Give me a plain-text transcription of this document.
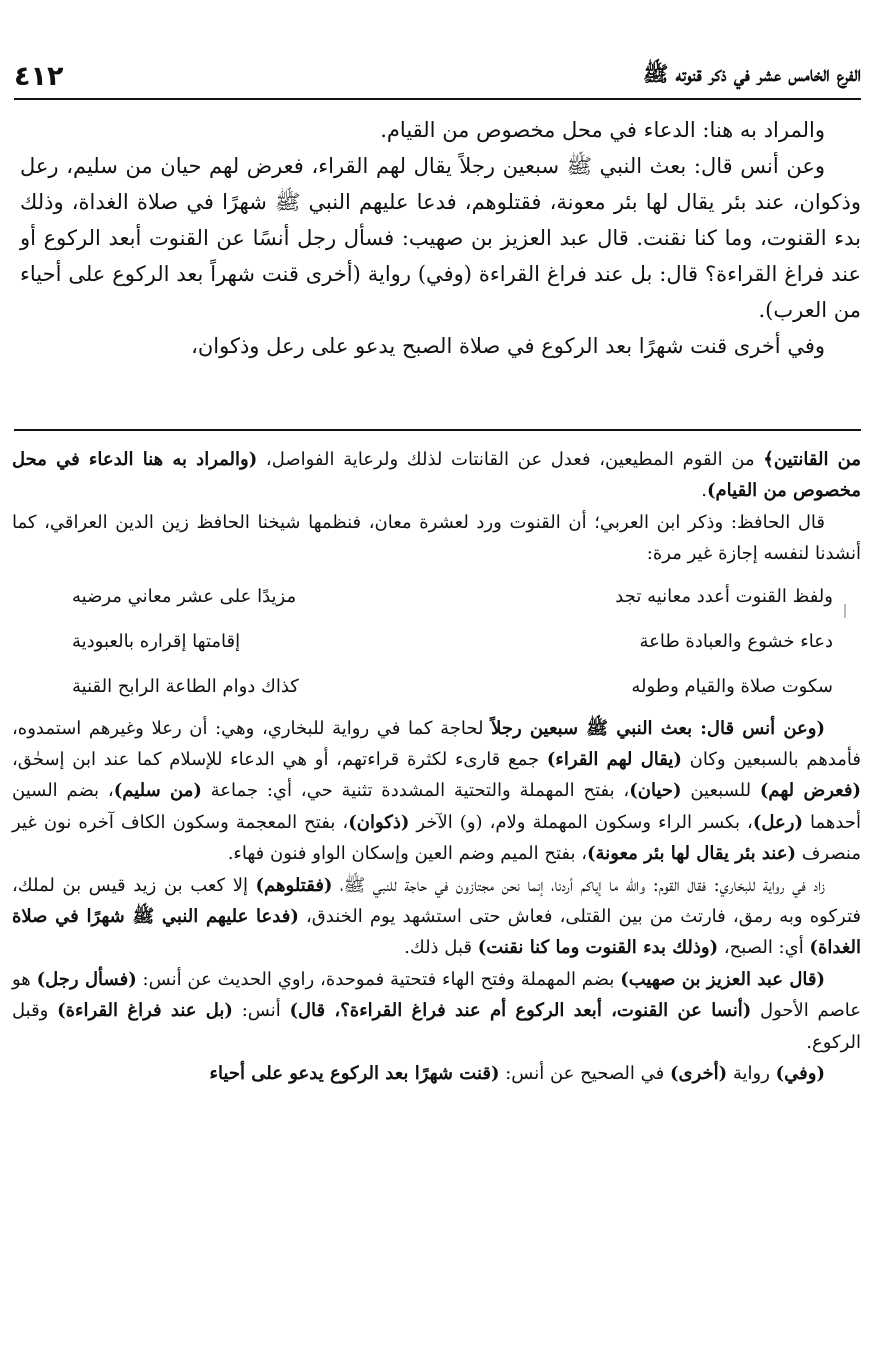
الفرع الخامس عشر في ذكر قنوته ﷺ
٤١٢

والمراد به هنا: الدعاء في محل مخصوص من القيام.

وعن أنس قال: بعث النبي ﷺ سبعين رجلاً يقال لهم القراء، فعرض لهم حيان من سليم، رعل وذكوان، عند بئر يقال لها بئر معونة، فقتلوهم، فدعا عليهم النبي ﷺ شهرًا في صلاة الغداة، وذلك بدء القنوت، وما كنا نقنت. قال عبد العزيز بن صهيب: فسأل رجل أنسًا عن القنوت أبعد الركوع أو عند فراغ القراءة؟ قال: بل عند فراغ القراءة (وفي) رواية (أخرى قنت شهراً بعد الركوع على أحياء من العرب).

وفي أخرى قنت شهرًا بعد الركوع في صلاة الصبح يدعو على رعل وذكوان،

من القانتين﴾ من القوم المطيعين، فعدل عن القانتات لذلك ولرعاية الفواصل، (والمراد به هنا الدعاء في محل مخصوص من القيام).

قال الحافظ: وذكر ابن العربي؛ أن القنوت ورد لعشرة معان، فنظمها شيخنا الحافظ زين الدين العراقي، كما أنشدنا لنفسه إجازة غير مرة:

ولفظ القنوت أعدد معانيه تجد
مزيدًا على عشر معاني مرضيه
دعاء خشوع والعبادة طاعة
إقامتها إقراره بالعبودية
سكوت صلاة والقيام وطوله
كذاك دوام الطاعة الرابح القنية

(وعن أنس قال: بعث النبي ﷺ سبعين رجلاً لحاجة كما في رواية للبخاري، وهي: أن رعلا وغيرهم استمدوه، فأمدهم بالسبعين وكان (يقال لهم القراء) جمع قارىء لكثرة قراءتهم، أو هي الدعاء للإسلام كما عند ابن إسحٰق، (فعرض لهم) للسبعين (حيان)، بفتح المهملة والتحتية المشددة تثنية حي، أي: جماعة (من سليم)، بضم السين أحدهما (رعل)، بكسر الراء وسكون المهملة ولام، (و) الآخر (ذكوان)، بفتح المعجمة وسكون الكاف آخره نون غير منصرف (عند بئر يقال لها بئر معونة)، بفتح الميم وضم العين وإسكان الواو فنون فهاء.

زاد في رواية للبخاري: فقال القوم: واللّه ما إياكم أردنا، إنما نحن مجتازون في حاجة للنبي ﷺ، (فقتلوهم) إلا كعب بن زيد قيس بن لملك، فتركوه وبه رمق، فارتث من بين القتلى، فعاش حتى استشهد يوم الخندق، (فدعا عليهم النبي ﷺ شهرًا في صلاة الغداة) أي: الصبح، (وذلك بدء القنوت وما كنا نقنت) قبل ذلك.

(قال عبد العزيز بن صهيب) بضم المهملة وفتح الهاء فتحتية فموحدة، راوي الحديث عن أنس: (فسأل رجل) هو عاصم الأحول (أنسا عن القنوت، أبعد الركوع أم عند فراغ القراءة؟، قال) أنس: (بل عند فراغ القراءة) وقبل الركوع.

(وفي) رواية (أخرى) في الصحيح عن أنس: (قنت شهرًا بعد الركوع يدعو على أحياء
